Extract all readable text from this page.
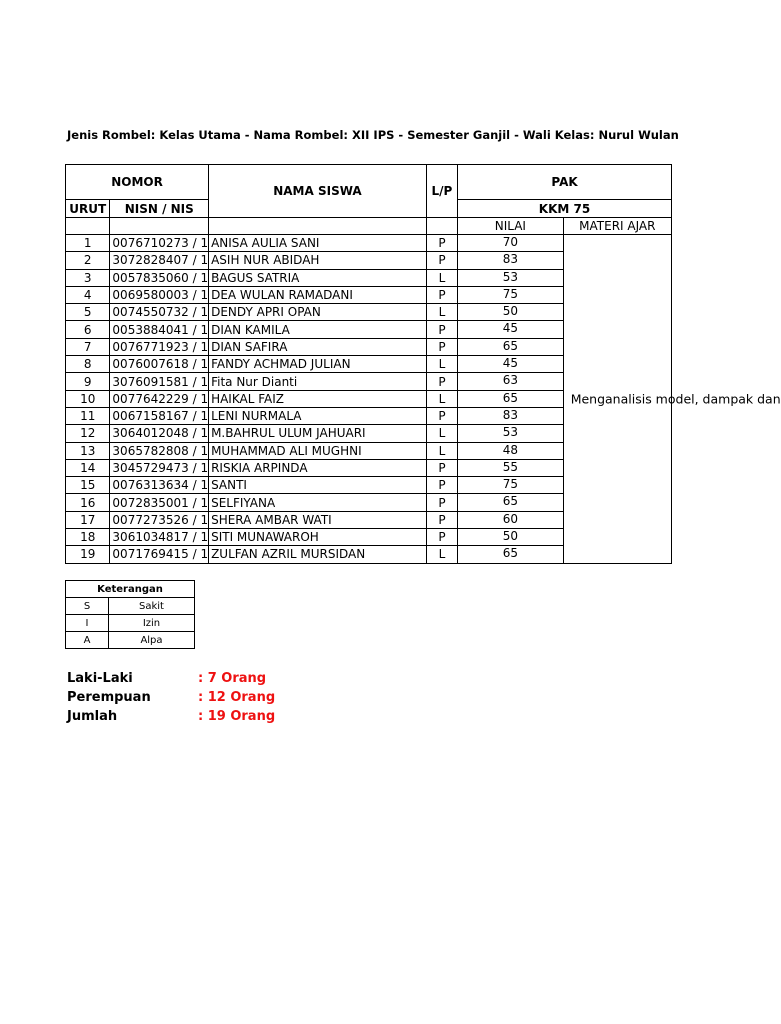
Jenis Rombel: Kelas Utama - Nama Rombel: XII IPS - Semester Ganjil - Wali Kelas: Nurul Wulan
NOMOR		NAMA SISWA	L/P	PAK	
URUT	NISN / NIS			KKM 75	
				NILAI	MATERI AJAR
1	0076710273 / 1	ANISA AULIA SANI	P	70	Menganalisis model, dampak dan

2	3072828407 / 1	ASIH NUR ABIDAH	P	83	
3	0057835060 / 1	BAGUS SATRIA	L	53	
4	0069580003 / 1	DEA WULAN RAMADANI	P	75	
5	0074550732 / 1	DENDY APRI OPAN	L	50	
6	0053884041 / 1	DIAN KAMILA	P	45	
7	0076771923 / 1	DIAN SAFIRA	P	65	
8	0076007618 / 1	FANDY ACHMAD JULIAN	L	45	
9	3076091581 / 1	Fita Nur Dianti	P	63	
10	0077642229 / 1	HAIKAL FAIZ	L	65	
11	0067158167 / 1	LENI NURMALA	P	83	
12	3064012048 / 1	M.BAHRUL ULUM JAHUARI	L	53	
13	3065782808 / 1	MUHAMMAD ALI MUGHNI	L	48	
14	3045729473 / 1	RISKIA ARPINDA	P	55	
15	0076313634 / 1	SANTI	P	75	
16	0072835001 / 1	SELFIYANA	P	65	
17	0077273526 / 1	SHERA AMBAR WATI	P	60	
18	3061034817 / 1	SITI MUNAWAROH	P	50	
19	0071769415 / 1	ZULFAN AZRIL MURSIDAN	L	65	
Keterangan	
S	Sakit
I	Izin
A	Alpa
Laki-Laki	: 7 Orang
Perempuan	: 12 Orang
Jumlah	: 19 Orang
